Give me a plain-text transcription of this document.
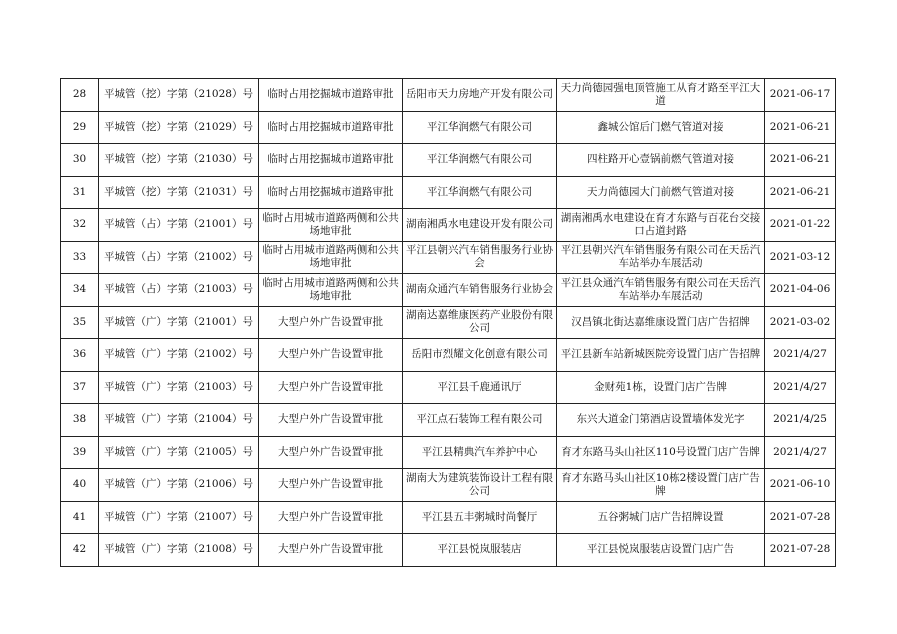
28	平城管（挖）字第（21028）号	临时占用挖掘城市道路审批	岳阳市天力房地产开发有限公司	天力尚德园强电顶管施工从育才路至平江大道	2021-06-17
29	平城管（挖）字第（21029）号	临时占用挖掘城市道路审批	平江华润燃气有限公司	鑫城公馆后门燃气管道对接	2021-06-21
30	平城管（挖）字第（21030）号	临时占用挖掘城市道路审批	平江华润燃气有限公司	四柱路开心壹锅前燃气管道对接	2021-06-21
31	平城管（挖）字第（21031）号	临时占用挖掘城市道路审批	平江华润燃气有限公司	天力尚德园大门前燃气管道对接	2021-06-21
32	平城管（占）字第（21001）号	临时占用城市道路两侧和公共场地审批	湖南湘禹水电建设开发有限公司	湖南湘禹水电建设在育才东路与百花台交接口占道封路	2021-01-22
33	平城管（占）字第（21002）号	临时占用城市道路两侧和公共场地审批	平江县朝兴汽车销售服务行业协会	平江县朝兴汽车销售服务有限公司在天岳汽车站举办车展活动	2021-03-12
34	平城管（占）字第（21003）号	临时占用城市道路两侧和公共场地审批	湖南众通汽车销售服务行业协会	平江县众通汽车销售服务有限公司在天岳汽车站举办车展活动	2021-04-06
35	平城管（广）字第（21001）号	大型户外广告设置审批	湖南达嘉维康医药产业股份有限公司	汉昌镇北街达嘉维康设置门店广告招牌	2021-03-02
36	平城管（广）字第（21002）号	大型户外广告设置审批	岳阳市烈耀文化创意有限公司	平江县新车站新城医院旁设置门店广告招牌	2021/4/27
37	平城管（广）字第（21003）号	大型户外广告设置审批	平江县千鹿通讯厅	金财苑1栋，设置门店广告牌	2021/4/27
38	平城管（广）字第（21004）号	大型户外广告设置审批	平江点石装饰工程有限公司	东兴大道金门第酒店设置墙体发光字	2021/4/25
39	平城管（广）字第（21005）号	大型户外广告设置审批	平江县精典汽车养护中心	育才东路马头山社区110号设置门店广告牌	2021/4/27
40	平城管（广）字第（21006）号	大型户外广告设置审批	湖南大为建筑装饰设计工程有限公司	育才东路马头山社区10栋2楼设置门店广告牌	2021-06-10
41	平城管（广）字第（21007）号	大型户外广告设置审批	平江县五丰粥城时尚餐厅	五谷粥城门店广告招牌设置	2021-07-28
42	平城管（广）字第（21008）号	大型户外广告设置审批	平江县悦岚服装店	平江县悦岚服装店设置门店广告	2021-07-28
